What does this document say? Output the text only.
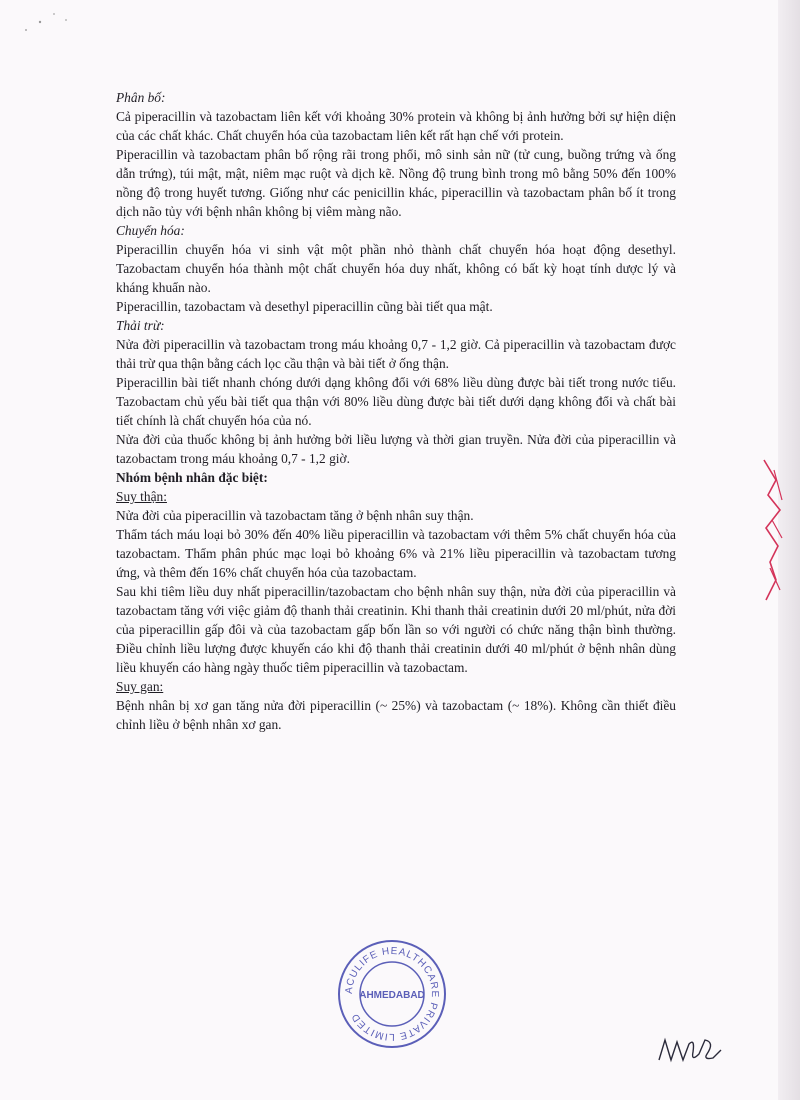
Phân bố:

Cả piperacillin và tazobactam liên kết với khoảng 30% protein và không bị ảnh hưởng bởi sự hiện diện của các chất khác. Chất chuyển hóa của tazobactam liên kết rất hạn chế với protein.

Piperacillin và tazobactam phân bố rộng rãi trong phổi, mô sinh sản nữ (tử cung, buồng trứng và ống dẫn trứng), túi mật, mật, niêm mạc ruột và dịch kẽ. Nồng độ trung bình trong mô bằng 50% đến 100% nồng độ trong huyết tương. Giống như các penicillin khác, piperacillin và tazobactam phân bố ít trong dịch não tủy với bệnh nhân không bị viêm màng não.

Chuyển hóa:

Piperacillin chuyển hóa vi sinh vật một phần nhỏ thành chất chuyển hóa hoạt động desethyl. Tazobactam chuyển hóa thành một chất chuyển hóa duy nhất, không có bất kỳ hoạt tính dược lý và kháng khuẩn nào.

Piperacillin, tazobactam và desethyl piperacillin cũng bài tiết qua mật.

Thải trừ:

Nửa đời piperacillin và tazobactam trong máu khoảng 0,7 - 1,2 giờ. Cả piperacillin và tazobactam được thải trừ qua thận bằng cách lọc cầu thận và bài tiết ở ống thận.

Piperacillin bài tiết nhanh chóng dưới dạng không đổi với 68% liều dùng được bài tiết trong nước tiểu. Tazobactam chủ yếu bài tiết qua thận với 80% liều dùng được bài tiết dưới dạng không đổi và chất bài tiết chính là chất chuyển hóa của nó.

Nửa đời của thuốc không bị ảnh hưởng bởi liều lượng và thời gian truyền. Nửa đời của piperacillin và tazobactam trong máu khoảng 0,7 - 1,2 giờ.

Nhóm bệnh nhân đặc biệt:

Suy thận:

Nửa đời của piperacillin và tazobactam tăng ở bệnh nhân suy thận.

Thẩm tách máu loại bỏ 30% đến 40% liều piperacillin và tazobactam với thêm 5% chất chuyển hóa của tazobactam. Thẩm phân phúc mạc loại bỏ khoảng 6% và 21% liều piperacillin và tazobactam tương ứng, và thêm đến 16% chất chuyển hóa của tazobactam.

Sau khi tiêm liều duy nhất piperacillin/tazobactam cho bệnh nhân suy thận, nửa đời của piperacillin và tazobactam tăng với việc giảm độ thanh thải creatinin. Khi thanh thải creatinin dưới 20 ml/phút, nửa đời của piperacillin gấp đôi và của tazobactam gấp bốn lần so với người có chức năng thận bình thường. Điều chỉnh liều lượng được khuyến cáo khi độ thanh thải creatinin dưới 40 ml/phút ở bệnh nhân dùng liều khuyến cáo hàng ngày thuốc tiêm piperacillin và tazobactam.

Suy gan:

Bệnh nhân bị xơ gan tăng nửa đời piperacillin (~ 25%) và tazobactam (~ 18%). Không cần thiết điều chỉnh liều ở bệnh nhân xơ gan.

ACULIFE HEALTHCARE PRIVATE LIMITED
AHMEDABAD
